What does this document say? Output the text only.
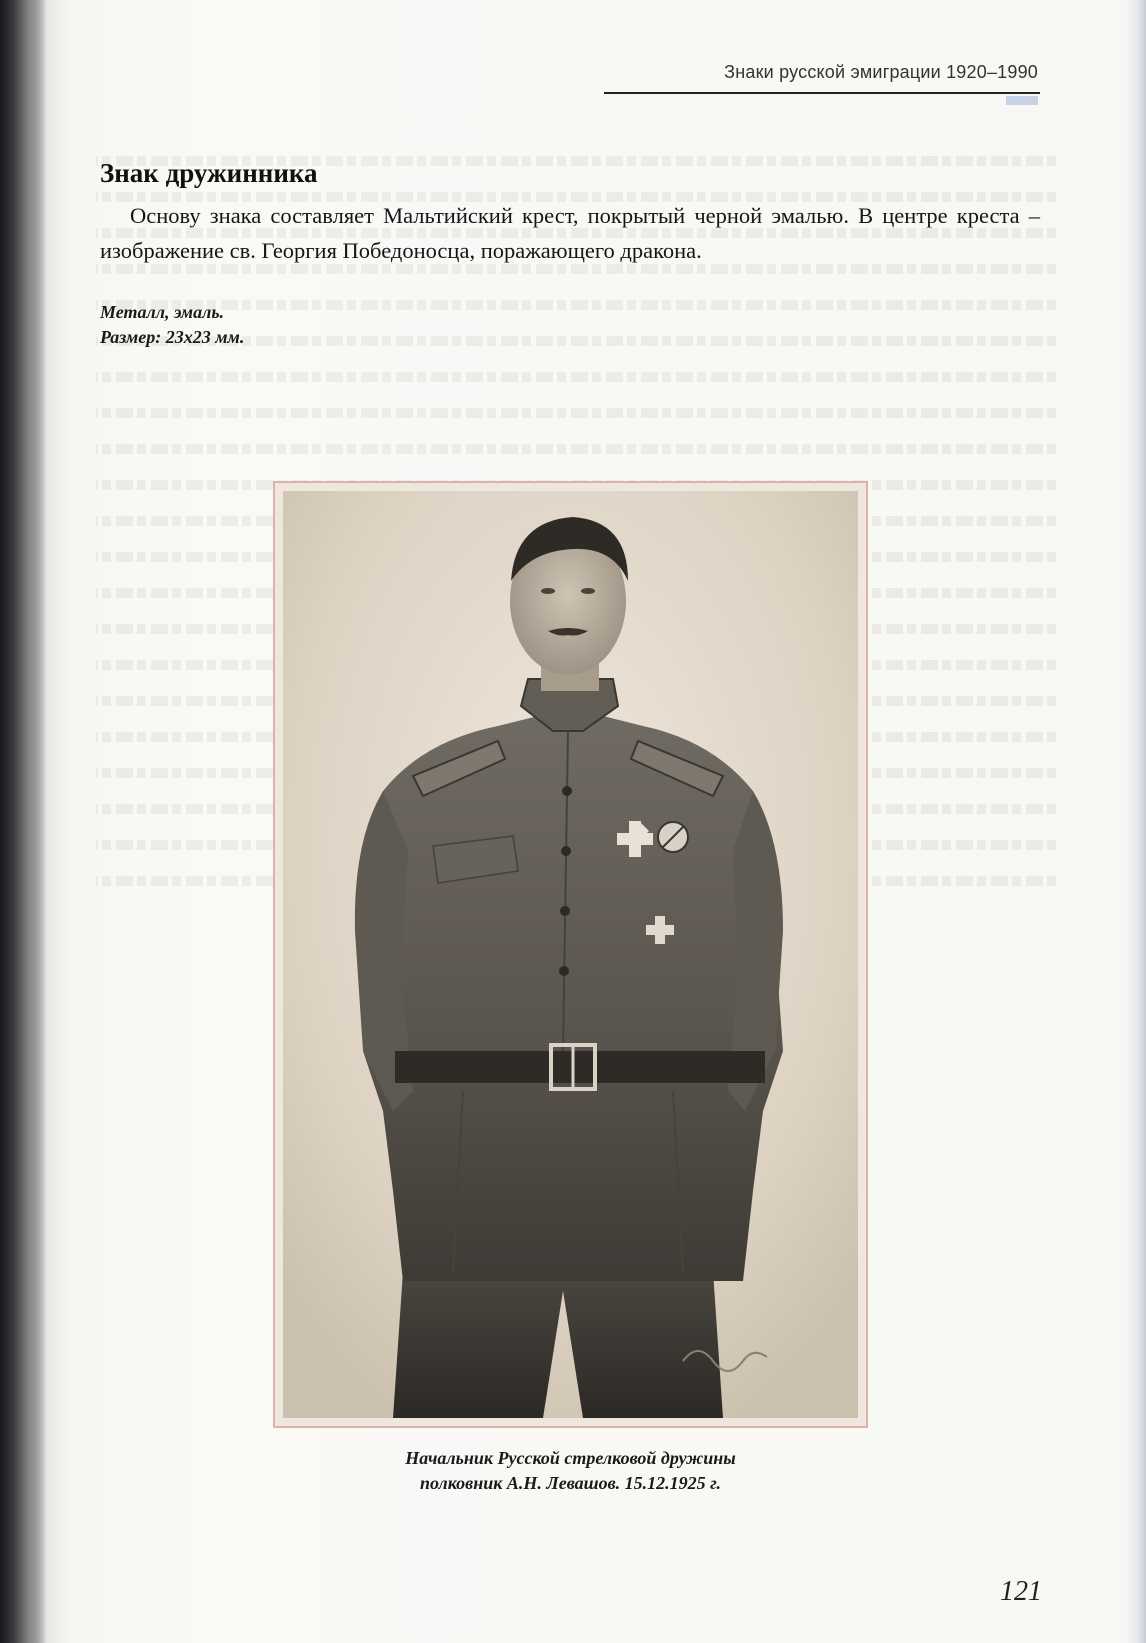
Знаки русской эмиграции 1920–1990
Знак дружинника
Основу знака составляет Мальтийский крест, покрытый черной эмалью. В центре креста – изображение св. Георгия Победоносца, поражающего дракона.
Металл, эмаль.
Размер: 23х23 мм.
Начальник Русской стрелковой дружины
полковник А.Н. Левашов. 15.12.1925 г.
121
